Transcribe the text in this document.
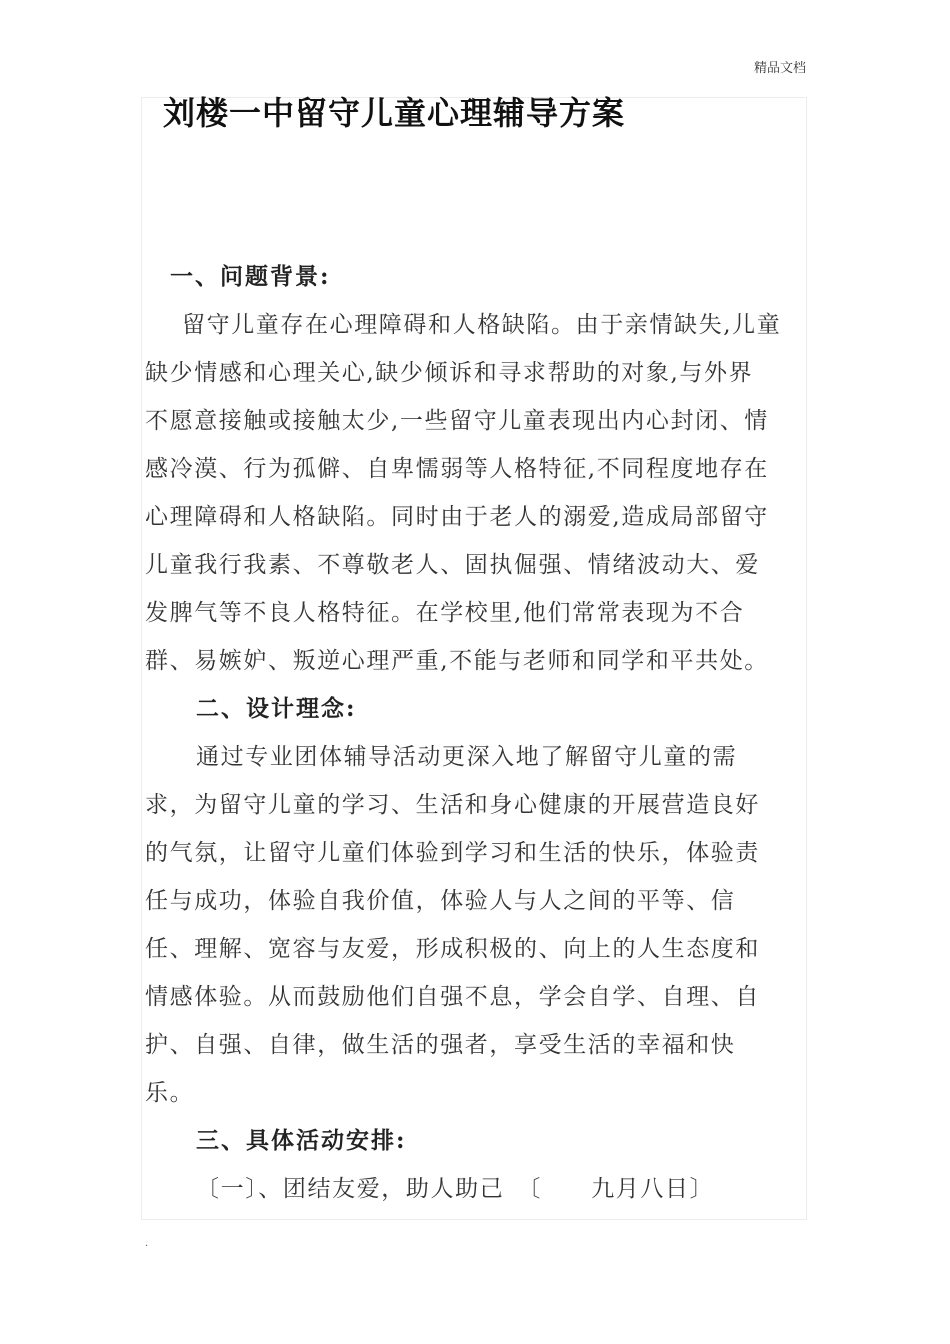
精品文档
刘楼一中留守儿童心理辅导方案
一、问题背景:

留守儿童存在心理障碍和人格缺陷。由于亲情缺失,儿童

缺少情感和心理关心,缺少倾诉和寻求帮助的对象,与外界

不愿意接触或接触太少,一些留守儿童表现出内心封闭、情

感冷漠、行为孤僻、自卑懦弱等人格特征,不同程度地存在

心理障碍和人格缺陷。同时由于老人的溺爱,造成局部留守

儿童我行我素、不尊敬老人、固执倔强、情绪波动大、爱

发脾气等不良人格特征。在学校里,他们常常表现为不合

群、易嫉妒、叛逆心理严重,不能与老师和同学和平共处。

二、设计理念:

通过专业团体辅导活动更深入地了解留守儿童的需

求，为留守儿童的学习、生活和身心健康的开展营造良好

的气氛，让留守儿童们体验到学习和生活的快乐，体验责

任与成功，体验自我价值，体验人与人之间的平等、信

任、理解、宽容与友爱，形成积极的、向上的人生态度和

情感体验。从而鼓励他们自强不息，学会自学、自理、自

护、自强、自律，做生活的强者，享受生活的幸福和快

乐。

三、具体活动安排:

〔一〕、团结友爱，助人助己　〔　　九月八日〕

.
